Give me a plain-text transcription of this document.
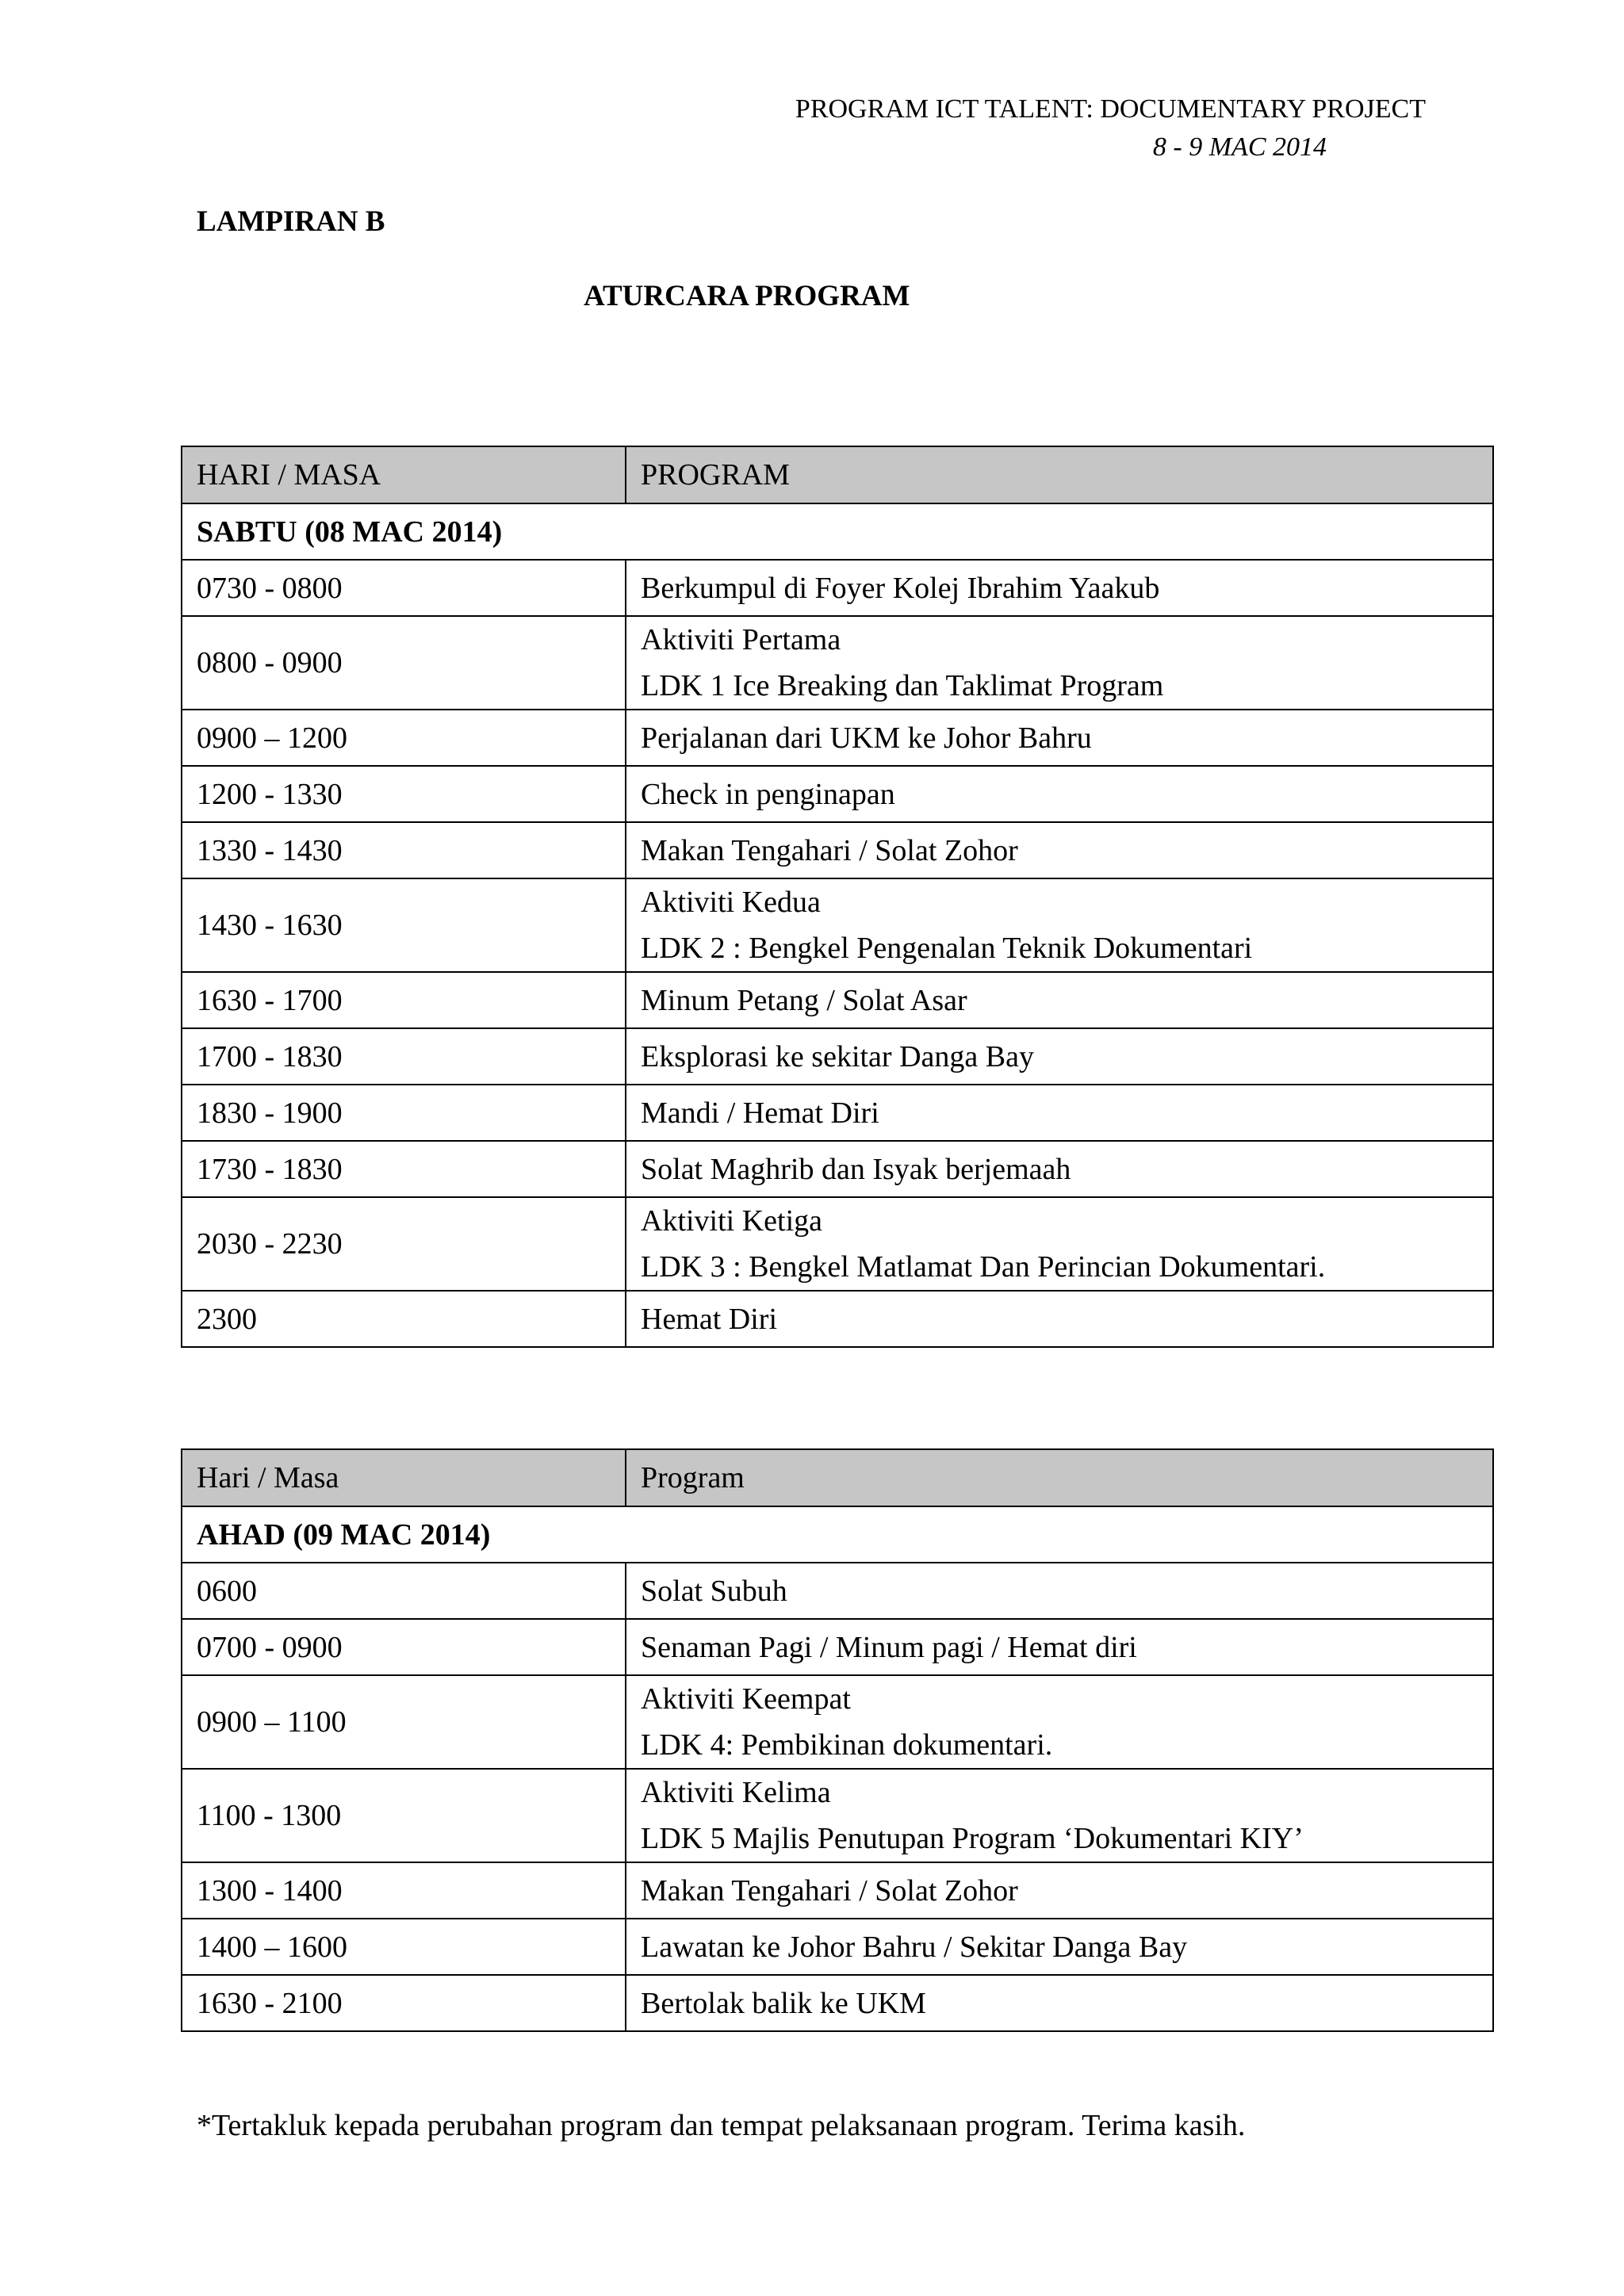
PROGRAM ICT TALENT: DOCUMENTARY PROJECT
8 - 9 MAC 2014
LAMPIRAN B
ATURCARA PROGRAM
HARI / MASA	PROGRAM
SABTU (08 MAC 2014)	
0730 - 0800	Berkumpul di Foyer Kolej Ibrahim Yaakub
0800 - 0900	Aktiviti Pertama
LDK 1 Ice Breaking dan Taklimat Program

0900 – 1200	Perjalanan dari UKM ke Johor Bahru
1200 - 1330	Check in penginapan
1330 - 1430	Makan Tengahari / Solat Zohor
1430 - 1630	Aktiviti Kedua
LDK 2 : Bengkel Pengenalan Teknik Dokumentari

1630 - 1700	Minum Petang / Solat Asar
1700 - 1830	Eksplorasi ke sekitar Danga Bay
1830 - 1900	Mandi / Hemat Diri
1730 - 1830	Solat Maghrib dan Isyak berjemaah
2030 - 2230	Aktiviti Ketiga
LDK 3 : Bengkel Matlamat Dan Perincian Dokumentari.

2300	Hemat Diri
Hari / Masa	Program
AHAD (09 MAC 2014)	
0600	Solat Subuh
0700 - 0900	Senaman Pagi / Minum pagi / Hemat diri
0900 – 1100	Aktiviti Keempat
LDK 4: Pembikinan dokumentari.

1100 - 1300	Aktiviti Kelima
LDK 5 Majlis Penutupan Program ‘Dokumentari KIY’

1300 - 1400	Makan Tengahari / Solat Zohor
1400 – 1600	Lawatan ke Johor Bahru / Sekitar Danga Bay
1630 - 2100	Bertolak balik ke UKM
*Tertakluk kepada perubahan program dan tempat pelaksanaan program. Terima kasih.
